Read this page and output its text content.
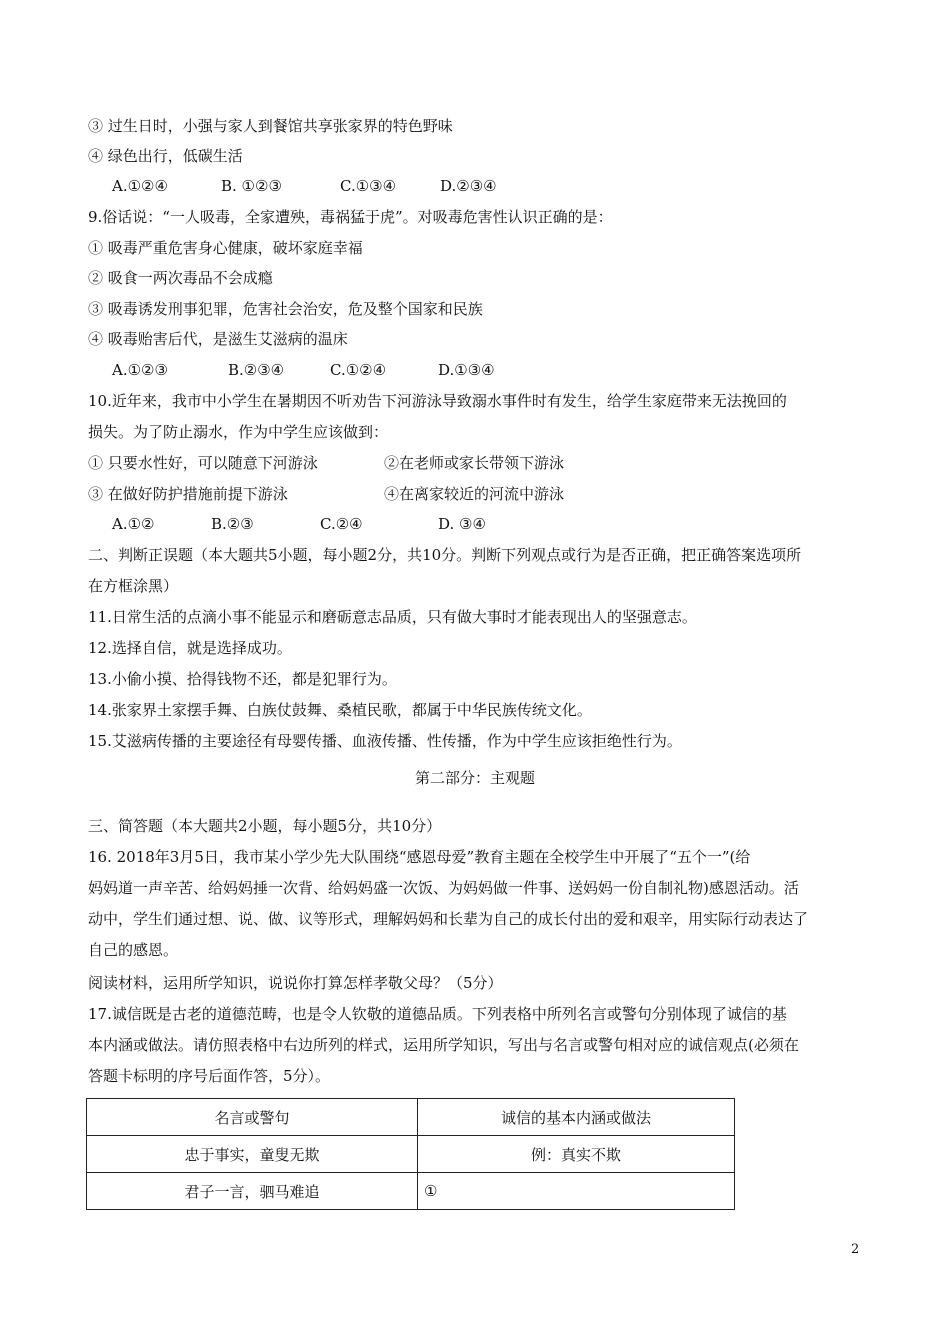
③ 过生日时，小强与家人到餐馆共享张家界的特色野味
④ 绿色出行，低碳生活
A.①②④	B. ①②③	C.①③④	D.②③④
9.俗话说：“一人吸毒，全家遭殃，毒祸猛于虎”。对吸毒危害性认识正确的是：
① 吸毒严重危害身心健康，破坏家庭幸福
② 吸食一两次毒品不会成瘾
③ 吸毒诱发刑事犯罪，危害社会治安，危及整个国家和民族
④ 吸毒贻害后代，是滋生艾滋病的温床
A.①②③	B.②③④	C.①②④	D.①③④
10.近年来，我市中小学生在暑期因不听劝告下河游泳导致溺水事件时有发生，给学生家庭带来无法挽回的
损失。为了防止溺水，作为中学生应该做到：
① 只要水性好，可以随意下河游泳	②在老师或家长带领下游泳
③ 在做好防护措施前提下游泳	④在离家较近的河流中游泳
A.①②	B.②③	C.②④	D. ③④
二、判断正误题（本大题共5小题，每小题2分，共10分。判断下列观点或行为是否正确，把正确答案选项所
在方框涂黑）
11.日常生活的点滴小事不能显示和磨砺意志品质，只有做大事时才能表现出人的坚强意志。
12.选择自信，就是选择成功。
13.小偷小摸、拾得钱物不还，都是犯罪行为。
14.张家界土家摆手舞、白族仗鼓舞、桑植民歌，都属于中华民族传统文化。
15.艾滋病传播的主要途径有母婴传播、血液传播、性传播，作为中学生应该拒绝性行为。
第二部分：主观题
三、简答题（本大题共2小题，每小题5分，共10分）
16. 2018年3月5日，我市某小学少先大队围绕“感恩母爱”教育主题在全校学生中开展了“五个一”(给
妈妈道一声辛苦、给妈妈捶一次背、给妈妈盛一次饭、为妈妈做一件事、送妈妈一份自制礼物)感恩活动。活
动中，学生们通过想、说、做、议等形式，理解妈妈和长辈为自己的成长付出的爱和艰辛，用实际行动表达了
自己的感恩。
阅读材料，运用所学知识，说说你打算怎样孝敬父母？（5分）
17.诚信既是古老的道德范畴，也是令人钦敬的道德品质。下列表格中所列名言或警句分别体现了诚信的基
本内涵或做法。请仿照表格中右边所列的样式，运用所学知识，写出与名言或警句相对应的诚信观点(必须在
答题卡标明的序号后面作答，5分）。
名言或警句	诚信的基本内涵或做法
忠于事实，童叟无欺	例：真实不欺
君子一言，驷马难追	①
2
